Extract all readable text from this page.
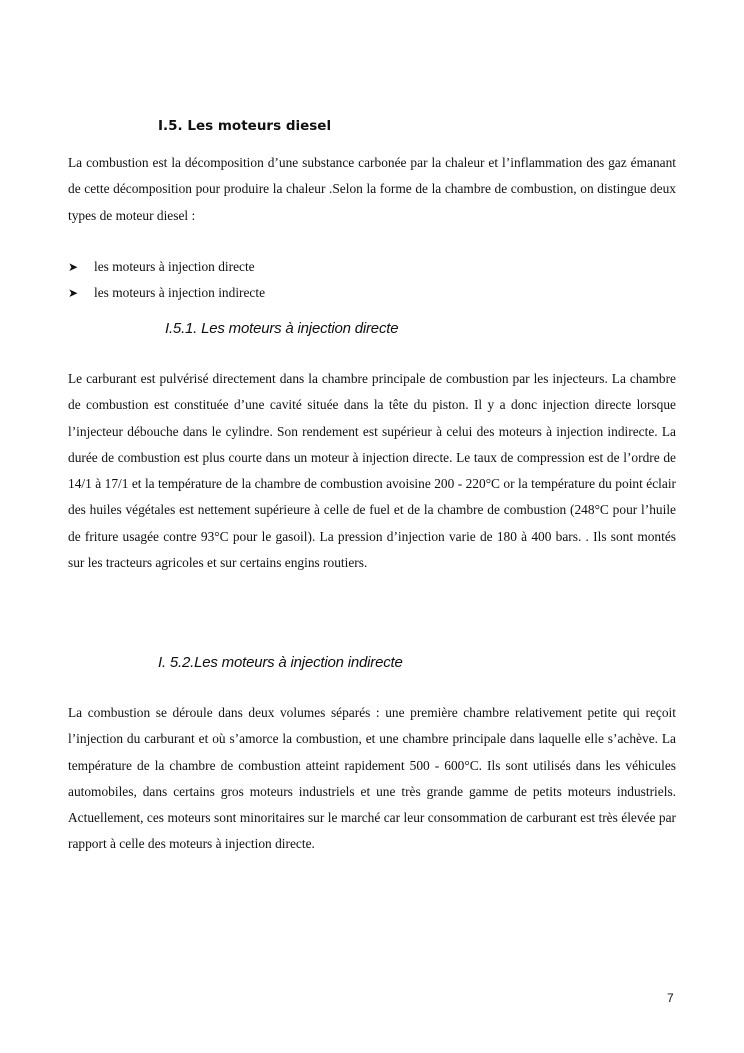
I.5. Les moteurs diesel

La combustion est la décomposition d’une substance carbonée par la chaleur et l’inflammation des gaz émanant de cette décomposition pour produire la chaleur .Selon la forme de la chambre de combustion, on distingue deux types de moteur diesel :

➤ les moteurs à injection directe
➤ les moteurs à injection indirecte
I.5.1. Les moteurs à injection directe

Le carburant est pulvérisé directement dans la chambre principale de combustion par les injecteurs. La chambre de combustion est constituée d’une cavité située dans la tête du piston. Il y a donc injection directe lorsque l’injecteur débouche dans le cylindre. Son rendement est supérieur à celui des moteurs à injection indirecte. La durée de combustion est plus courte dans un moteur à injection directe. Le taux de compression est de l’ordre de 14/1 à 17/1 et la température de la chambre de combustion avoisine 200 - 220°C or la température du point éclair des huiles végétales est nettement supérieure à celle de fuel et de la chambre de combustion (248°C pour l’huile de friture usagée contre 93°C pour le gasoil). La pression d’injection varie de 180 à 400 bars. . Ils sont montés sur les tracteurs agricoles et sur certains engins routiers.

I. 5.2.Les moteurs à injection indirecte

La combustion se déroule dans deux volumes séparés : une première chambre relativement petite qui reçoit l’injection du carburant et où s’amorce la combustion, et une chambre principale dans laquelle elle s’achève. La température de la chambre de combustion atteint rapidement 500 - 600°C. Ils sont utilisés dans les véhicules automobiles, dans certains gros moteurs industriels et une très grande gamme de petits moteurs industriels. Actuellement, ces moteurs sont minoritaires sur le marché car leur consommation de carburant est très élevée par rapport à celle des moteurs à injection directe.

7
